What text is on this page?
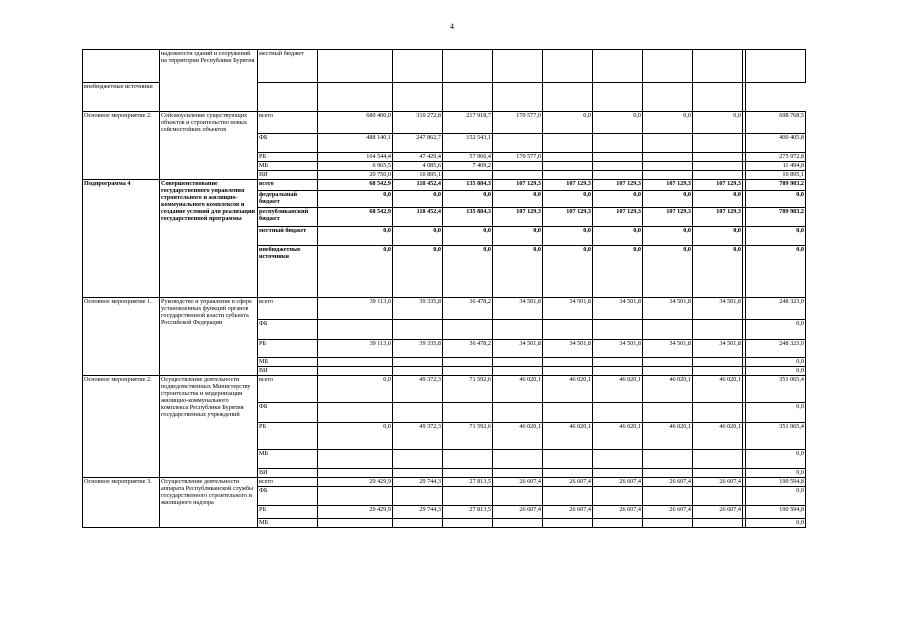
4
	надежности зданий и сооружений на территории Республики Бурятия	местный бюджет										
внебюджетные источники												
Основное мероприятие 2.	Сейсмоусиление существующих объектов и строительство новых сейсмостойких объектов	всего	680 400,0	310 272,8	217 918,7	170 577,0	0,0	0,0	0,0	0,0		698 768,5
		ФБ	488 140,1	247 862,7	152 543,1							400 405,8
		РБ	164 544,4	47 429,4	57 966,4	170 577,0						275 972,8
		МБ	6 965,5	4 085,6	7 409,2							11 494,8
		ВИ	20 750,0	10 895,1								10 895,1
Подпрограмма 4	Совершенствование государственного управления строительного и жилищно-коммунального комплексов и создание условий для реализации государственной программы	всего	68 542,9	118 452,4	135 884,3	107 129,3	107 129,3	107 129,3	107 129,3	107 129,3		789 983,2
		федеральный бюджет	0,0	0,0	0,0	0,0	0,0	0,0	0,0	0,0		0,0
		республиканский бюджет	68 542,9	118 452,4	135 884,3	107 129,3	107 129,3	107 129,3	107 129,3	107 129,3		789 983,2
		местный бюджет	0,0	0,0	0,0	0,0	0,0	0,0	0,0	0,0		0,0
		внебюджетные источники	0,0	0,0	0,0	0,0	0,0	0,0	0,0	0,0		0,0
Основное мероприятие 1.	Руководство и управление в сфере установленных функций органов государственной власти субъекта Российской Федерации	всего	39 113,0	39 335,8	36 478,2	34 501,8	34 501,8	34 501,8	34 501,8	34 501,8		248 323,0
		ФБ										0,0
		РБ	39 113,0	39 335,8	36 478,2	34 501,8	34 501,8	34 501,8	34 501,8	34 501,8		248 323,0
		МБ										0,0
		ВИ										0,0
Основное мероприятие 2.	Осуществление деятельности подведомственных Министерству строительства и модернизации жилищно-коммунального комплекса Республики Бурятия государственных учреждений	всего	0,0	49 372,3	71 592,6	46 020,1	46 020,1	46 020,1	46 020,1	46 020,1		351 065,4
		ФБ										0,0
		РБ	0,0	49 372,3	71 592,6	46 020,1	46 020,1	46 020,1	46 020,1	46 020,1		351 065,4
		МБ										0,0
		ВИ										0,0
Основное мероприятие 3.	Осуществление деятельности аппарата Республиканской службы государственного строительного и жилищного надзора	всего	29 429,9	29 744,3	27 813,5	26 607,4	26 607,4	26 607,4	26 607,4	26 607,4		190 594,8
		ФБ										0,0
		РБ	29 429,9	29 744,3	27 813,5	26 607,4	26 607,4	26 607,4	26 607,4	26 607,4		190 594,8
		МБ										0,0
